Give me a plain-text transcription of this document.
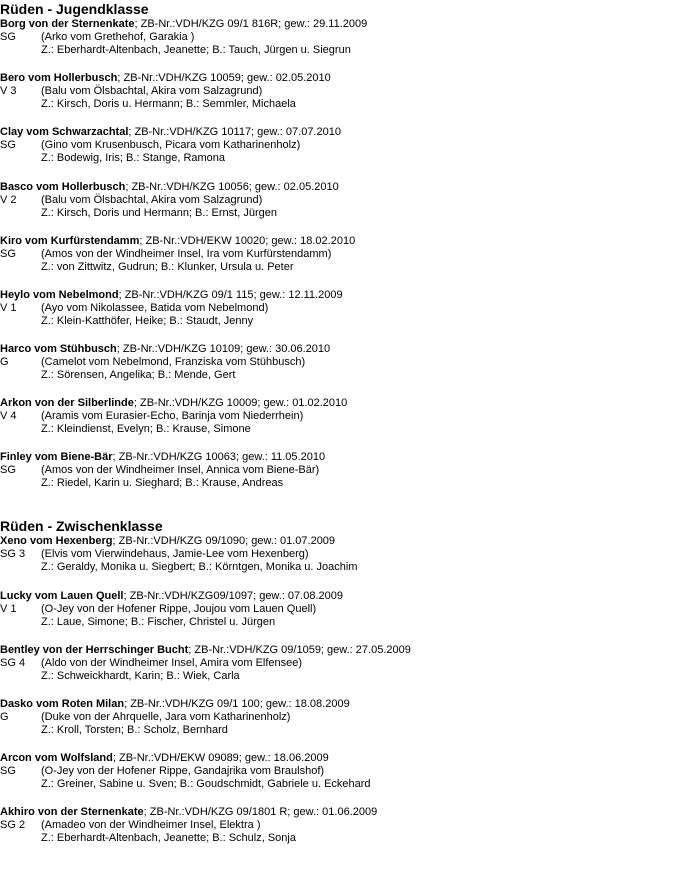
Rüden - Jugendklasse
Borg von der Sternenkate; ZB-Nr.:VDH/KZG 09/1 816R; gew.: 29.11.2009
SG	(Arko vom Grethehof, Garakia )
Z.: Eberhardt-Altenbach, Jeanette; B.: Tauch, Jürgen u. Siegrun
Bero vom Hollerbusch; ZB-Nr.:VDH/KZG 10059; gew.: 02.05.2010
V 3	(Balu vom Ölsbachtal, Akira vom Salzagrund)
Z.: Kirsch, Doris u. Hermann; B.: Semmler, Michaela
Clay vom Schwarzachtal; ZB-Nr.:VDH/KZG 10117; gew.: 07.07.2010
SG	(Gino vom Krusenbusch, Picara vom Katharinenholz)
Z.: Bodewig, Iris; B.: Stange, Ramona
Basco vom Hollerbusch; ZB-Nr.:VDH/KZG 10056; gew.: 02.05.2010
V 2	(Balu vom Ölsbachtal, Akira vom Salzagrund)
Z.: Kirsch, Doris und Hermann; B.: Ernst, Jürgen
Kiro vom Kurfürstendamm; ZB-Nr.:VDH/EKW 10020; gew.: 18.02.2010
SG	(Amos von der Windheimer Insel, Ira vom Kurfürstendamm)
Z.: von Zittwitz, Gudrun; B.: Klunker, Ursula u. Peter
Heylo vom Nebelmond; ZB-Nr.:VDH/KZG 09/1 115; gew.: 12.11.2009
V 1	(Ayo vom Nikolassee, Batida vom Nebelmond)
Z.: Klein-Katthöfer, Heike; B.: Staudt, Jenny
Harco vom Stühbusch; ZB-Nr.:VDH/KZG 10109; gew.: 30.06.2010
G	(Camelot vom Nebelmond, Franziska vom Stühbusch)
Z.: Sörensen, Angelika; B.: Mende, Gert
Arkon von der Silberlinde; ZB-Nr.:VDH/KZG 10009; gew.: 01.02.2010
V 4	(Aramis vom Eurasier-Echo, Barinja vom Niederrhein)
Z.: Kleindienst, Evelyn; B.: Krause, Simone
Finley vom Biene-Bär; ZB-Nr.:VDH/KZG 10063; gew.: 11.05.2010
SG	(Amos von der Windheimer Insel, Annica vom Biene-Bär)
Z.: Riedel, Karin u. Sieghard; B.: Krause, Andreas
Rüden - Zwischenklasse
Xeno vom Hexenberg; ZB-Nr.:VDH/KZG 09/1090; gew.: 01.07.2009
SG 3	(Elvis vom Vierwindehaus, Jamie-Lee vom Hexenberg)
Z.: Geraldy, Monika u. Siegbert; B.: Körntgen, Monika u. Joachim
Lucky vom Lauen Quell; ZB-Nr.:VDH/KZG09/1097; gew.: 07.08.2009
V 1	(O-Jey von der Hofener Rippe, Joujou vom Lauen Quell)
Z.: Laue, Simone; B.: Fischer, Christel u. Jürgen
Bentley von der Herrschinger Bucht; ZB-Nr.:VDH/KZG 09/1059; gew.: 27.05.2009
SG 4	(Aldo von der Windheimer Insel, Amira vom Elfensee)
Z.: Schweickhardt, Karin; B.: Wiek, Carla
Dasko vom Roten Milan; ZB-Nr.:VDH/KZG 09/1 100; gew.: 18.08.2009
G	(Duke von der Ahrquelle, Jara vom Katharinenholz)
Z.: Kroll, Torsten; B.: Scholz, Bernhard
Arcon vom Wolfsland; ZB-Nr.:VDH/EKW 09089; gew.: 18.06.2009
SG	(O-Jey von der Hofener Rippe, Gandajrika vom Braulshof)
Z.: Greiner, Sabine u. Sven; B.: Goudschmidt, Gabriele u. Eckehard
Akhiro von der Sternenkate; ZB-Nr.:VDH/KZG 09/1801 R; gew.: 01.06.2009
SG 2	(Amadeo von der Windheimer Insel, Elektra )
Z.: Eberhardt-Altenbach, Jeanette; B.: Schulz, Sonja
